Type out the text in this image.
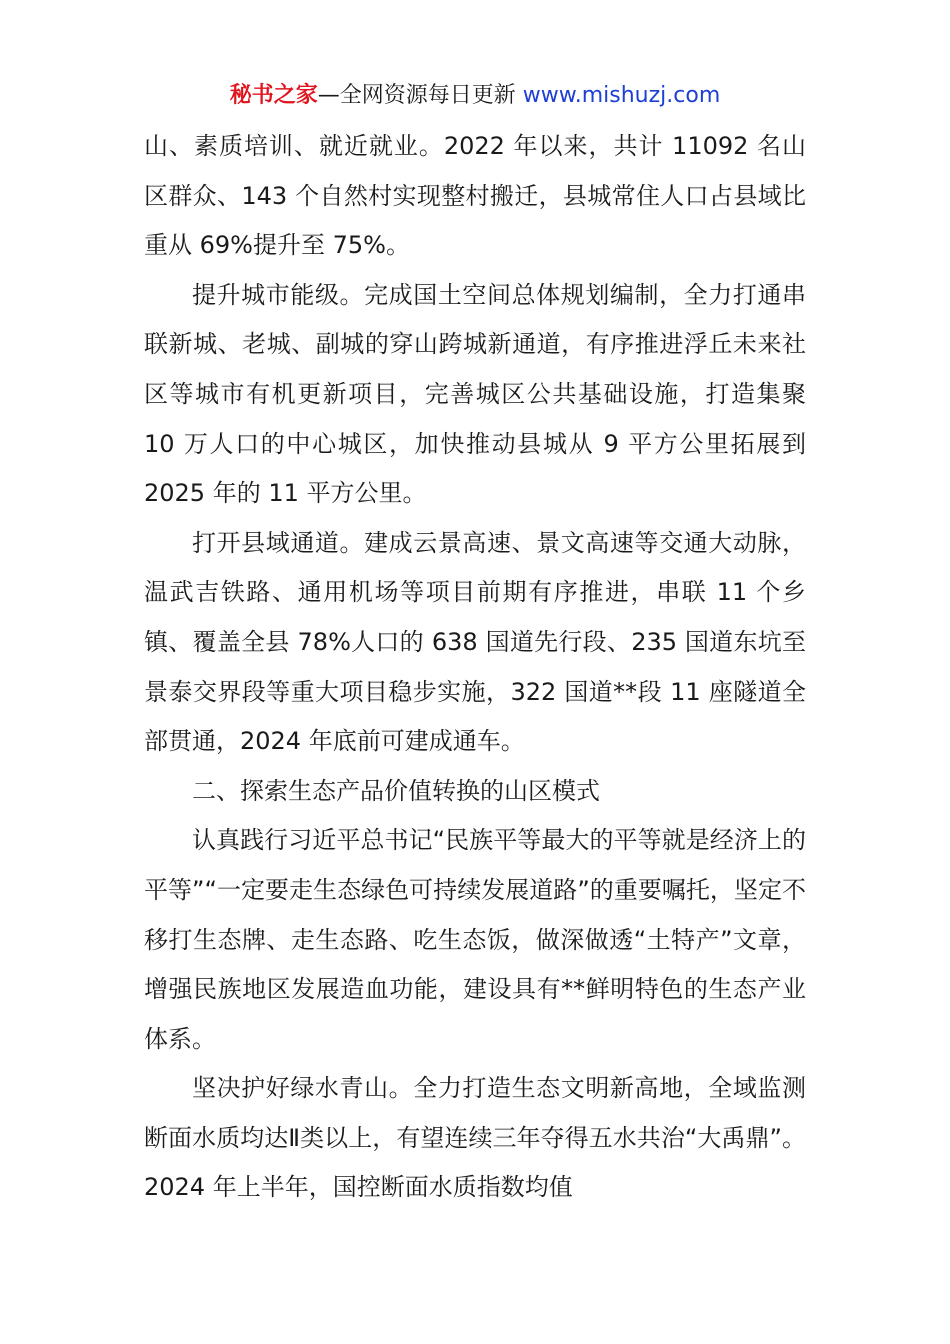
秘书之家—全网资源每日更新 www.mishuzj.com

山、素质培训、就近就业。2022 年以来，共计 11092 名山区群众、143 个自然村实现整村搬迁，县城常住人口占县域比重从 69%提升至 75%。

提升城市能级。完成国土空间总体规划编制，全力打通串联新城、老城、副城的穿山跨城新通道，有序推进浮丘未来社区等城市有机更新项目，完善城区公共基础设施，打造集聚 10 万人口的中心城区，加快推动县城从 9 平方公里拓展到 2025 年的 11 平方公里。

打开县域通道。建成云景高速、景文高速等交通大动脉，温武吉铁路、通用机场等项目前期有序推进，串联 11 个乡镇、覆盖全县 78%人口的 638 国道先行段、235 国道东坑至景泰交界段等重大项目稳步实施，322 国道**段 11 座隧道全部贯通，2024 年底前可建成通车。

二、探索生态产品价值转换的山区模式

认真践行习近平总书记“民族平等最大的平等就是经济上的平等”“一定要走生态绿色可持续发展道路”的重要嘱托，坚定不移打生态牌、走生态路、吃生态饭，做深做透“土特产”文章，增强民族地区发展造血功能，建设具有**鲜明特色的生态产业体系。

坚决护好绿水青山。全力打造生态文明新高地，全域监测断面水质均达Ⅱ类以上，有望连续三年夺得五水共治“大禹鼎”。2024 年上半年，国控断面水质指数均值
